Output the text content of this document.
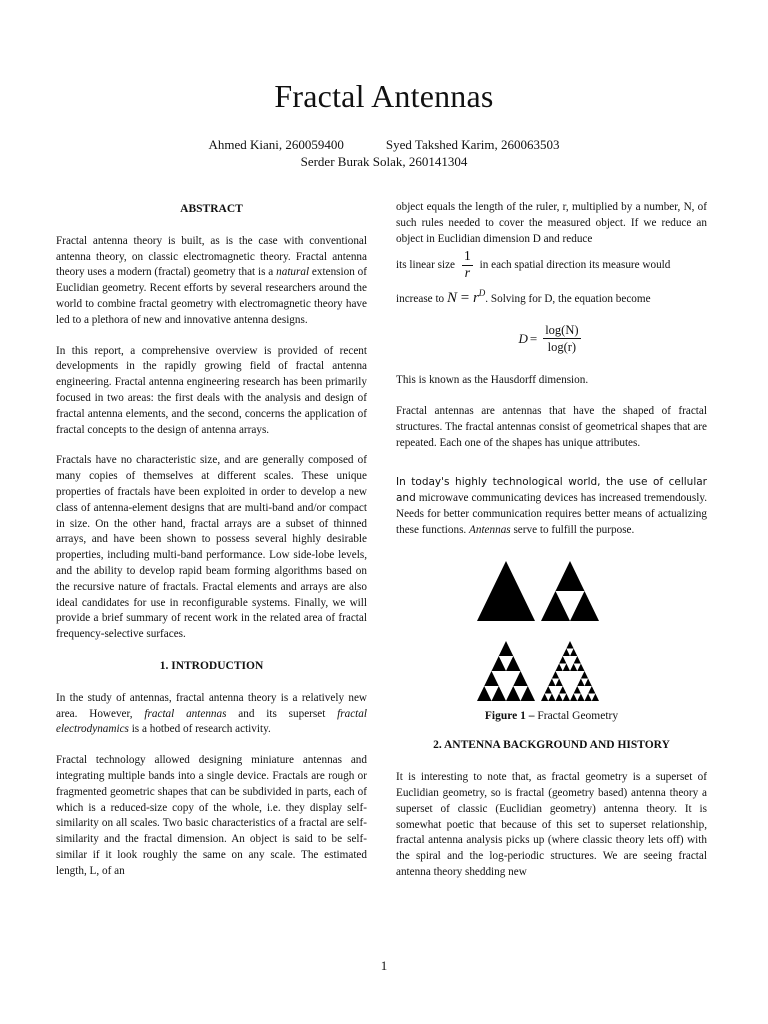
Fractal Antennas
Ahmed Kiani, 260059400	Syed Takshed Karim, 260063503
Serder Burak Solak, 260141304

ABSTRACT

Fractal antenna theory is built, as is the case with conventional antenna theory, on classic electromagnetic theory. Fractal antenna theory uses a modern (fractal) geometry that is a natural extension of Euclidian geometry. Recent efforts by several researchers around the world to combine fractal geometry with electromagnetic theory have led to a plethora of new and innovative antenna designs.

In this report, a comprehensive overview is provided of recent developments in the rapidly growing field of fractal antenna engineering. Fractal antenna engineering research has been primarily focused in two areas: the first deals with the analysis and design of fractal antenna elements, and the second, concerns the application of fractal concepts to the design of antenna arrays.

Fractals have no characteristic size, and are generally composed of many copies of themselves at different scales. These unique properties of fractals have been exploited in order to develop a new class of antenna-element designs that are multi-band and/or compact in size. On the other hand, fractal arrays are a subset of thinned arrays, and have been shown to possess several highly desirable properties, including multi-band performance. Low side-lobe levels, and the ability to develop rapid beam forming algorithms based on the recursive nature of fractals. Fractal elements and arrays are also ideal candidates for use in reconfigurable systems. Finally, we will provide a brief summary of recent work in the related area of fractal frequency-selective surfaces.

1. INTRODUCTION

In the study of antennas, fractal antenna theory is a relatively new area. However, fractal antennas and its superset fractal electrodynamics is a hotbed of research activity.

Fractal technology allowed designing miniature antennas and integrating multiple bands into a single device. Fractals are rough or fragmented geometric shapes that can be subdivided in parts, each of which is a reduced-size copy of the whole, i.e. they display self-similarity on all scales. Two basic characteristics of a fractal are self-similarity and the fractal dimension. An object is said to be self-similar if it look roughly the same on any scale. The estimated length, L, of an

object equals the length of the ruler, r, multiplied by a number, N, of such rules needed to cover the measured object. If we reduce an object in Euclidian dimension D and reduce

its linear size $\frac{1}{r}$ in each spatial direction its measure would

increase to $N = r^D$. Solving for D, the equation become

$D = \frac{\log(N)}{\log(r)}$

This is known as the Hausdorff dimension.

Fractal antennas are antennas that have the shaped of fractal structures. The fractal antennas consist of geometrical shapes that are repeated. Each one of the shapes has unique attributes.

In today's highly technological world, the use of cellular and microwave communicating devices has increased tremendously. Needs for better communication requires better means of actualizing these functions. Antennas serve to fulfill the purpose.

Figure 1 – Fractal Geometry

2. ANTENNA BACKGROUND AND HISTORY

It is interesting to note that, as fractal geometry is a superset of Euclidian geometry, so is fractal (geometry based) antenna theory a superset of classic (Euclidian geometry) antenna theory. It is somewhat poetic that because of this set to superset relationship, fractal antenna analysis picks up (where classic theory lets off) with the spiral and the log-periodic structures. We are seeing fractal antenna theory shedding new

1
